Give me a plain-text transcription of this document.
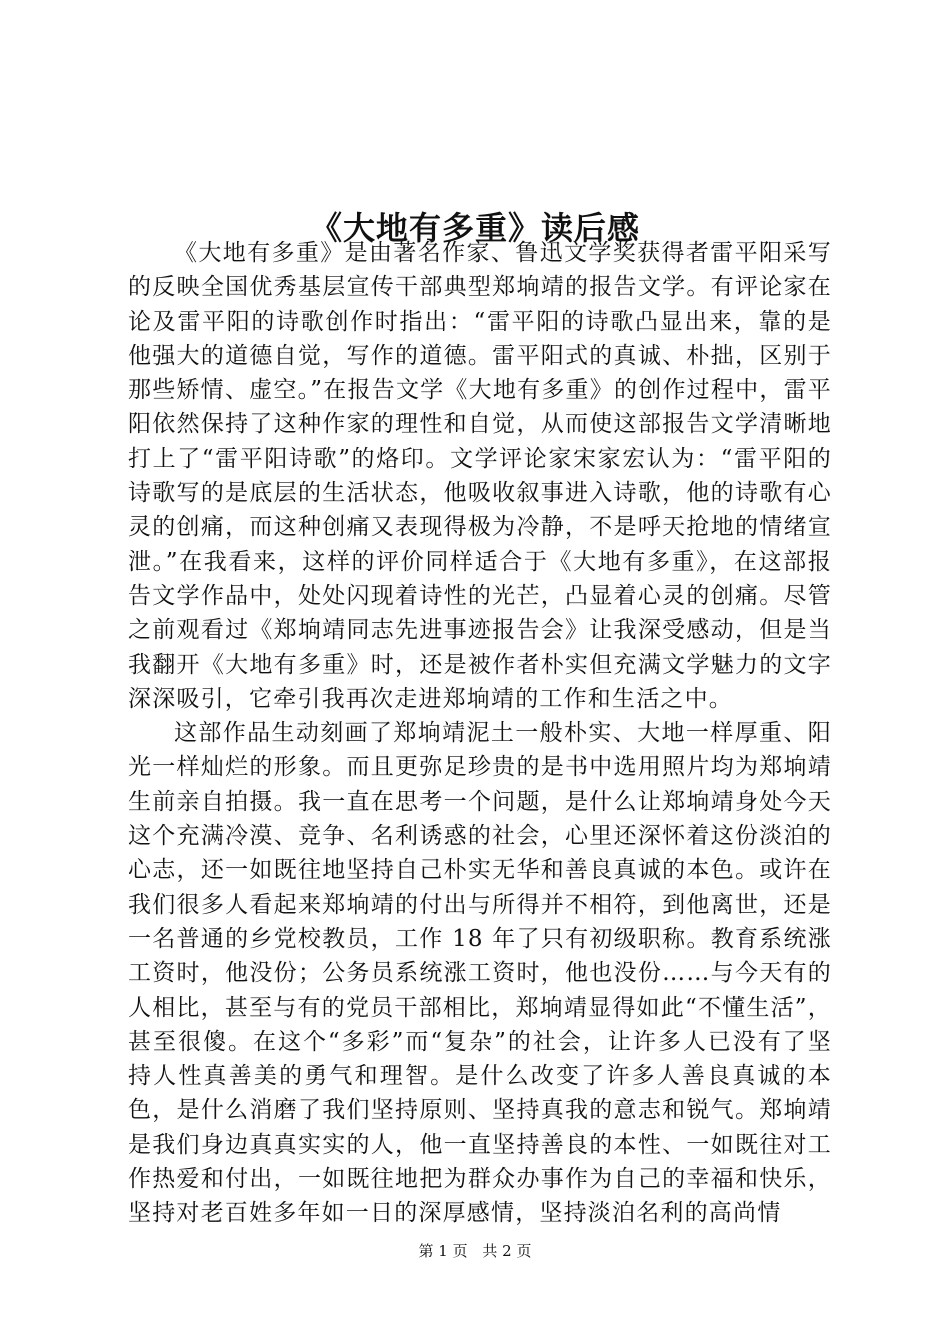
《大地有多重》读后感

《大地有多重》是由著名作家、鲁迅文学奖获得者雷平阳采写的反映全国优秀基层宣传干部典型郑垧靖的报告文学。有评论家在论及雷平阳的诗歌创作时指出：“雷平阳的诗歌凸显出来，靠的是他强大的道德自觉，写作的道德。雷平阳式的真诚、朴拙，区别于那些矫情、虚空。”在报告文学《大地有多重》的创作过程中，雷平阳依然保持了这种作家的理性和自觉，从而使这部报告文学清晰地打上了“雷平阳诗歌”的烙印。文学评论家宋家宏认为：“雷平阳的诗歌写的是底层的生活状态，他吸收叙事进入诗歌，他的诗歌有心灵的创痛，而这种创痛又表现得极为冷静，不是呼天抢地的情绪宣泄。”在我看来，这样的评价同样适合于《大地有多重》，在这部报告文学作品中，处处闪现着诗性的光芒，凸显着心灵的创痛。尽管之前观看过《郑垧靖同志先进事迹报告会》让我深受感动，但是当我翻开《大地有多重》时，还是被作者朴实但充满文学魅力的文字深深吸引，它牵引我再次走进郑垧靖的工作和生活之中。

这部作品生动刻画了郑垧靖泥土一般朴实、大地一样厚重、阳光一样灿烂的形象。而且更弥足珍贵的是书中选用照片均为郑垧靖生前亲自拍摄。我一直在思考一个问题，是什么让郑垧靖身处今天这个充满冷漠、竞争、名利诱惑的社会，心里还深怀着这份淡泊的心志，还一如既往地坚持自己朴实无华和善良真诚的本色。或许在我们很多人看起来郑垧靖的付出与所得并不相符，到他离世，还是一名普通的乡党校教员，工作 18 年了只有初级职称。教育系统涨工资时，他没份；公务员系统涨工资时，他也没份……与今天有的人相比，甚至与有的党员干部相比，郑垧靖显得如此“不懂生活”，甚至很傻。在这个“多彩”而“复杂”的社会，让许多人已没有了坚持人性真善美的勇气和理智。是什么改变了许多人善良真诚的本色，是什么消磨了我们坚持原则、坚持真我的意志和锐气。郑垧靖是我们身边真真实实的人，他一直坚持善良的本性、一如既往对工作热爱和付出，一如既往地把为群众办事作为自己的幸福和快乐，坚持对老百姓多年如一日的深厚感情，坚持淡泊名利的高尚情

第 1 页 共 2 页
